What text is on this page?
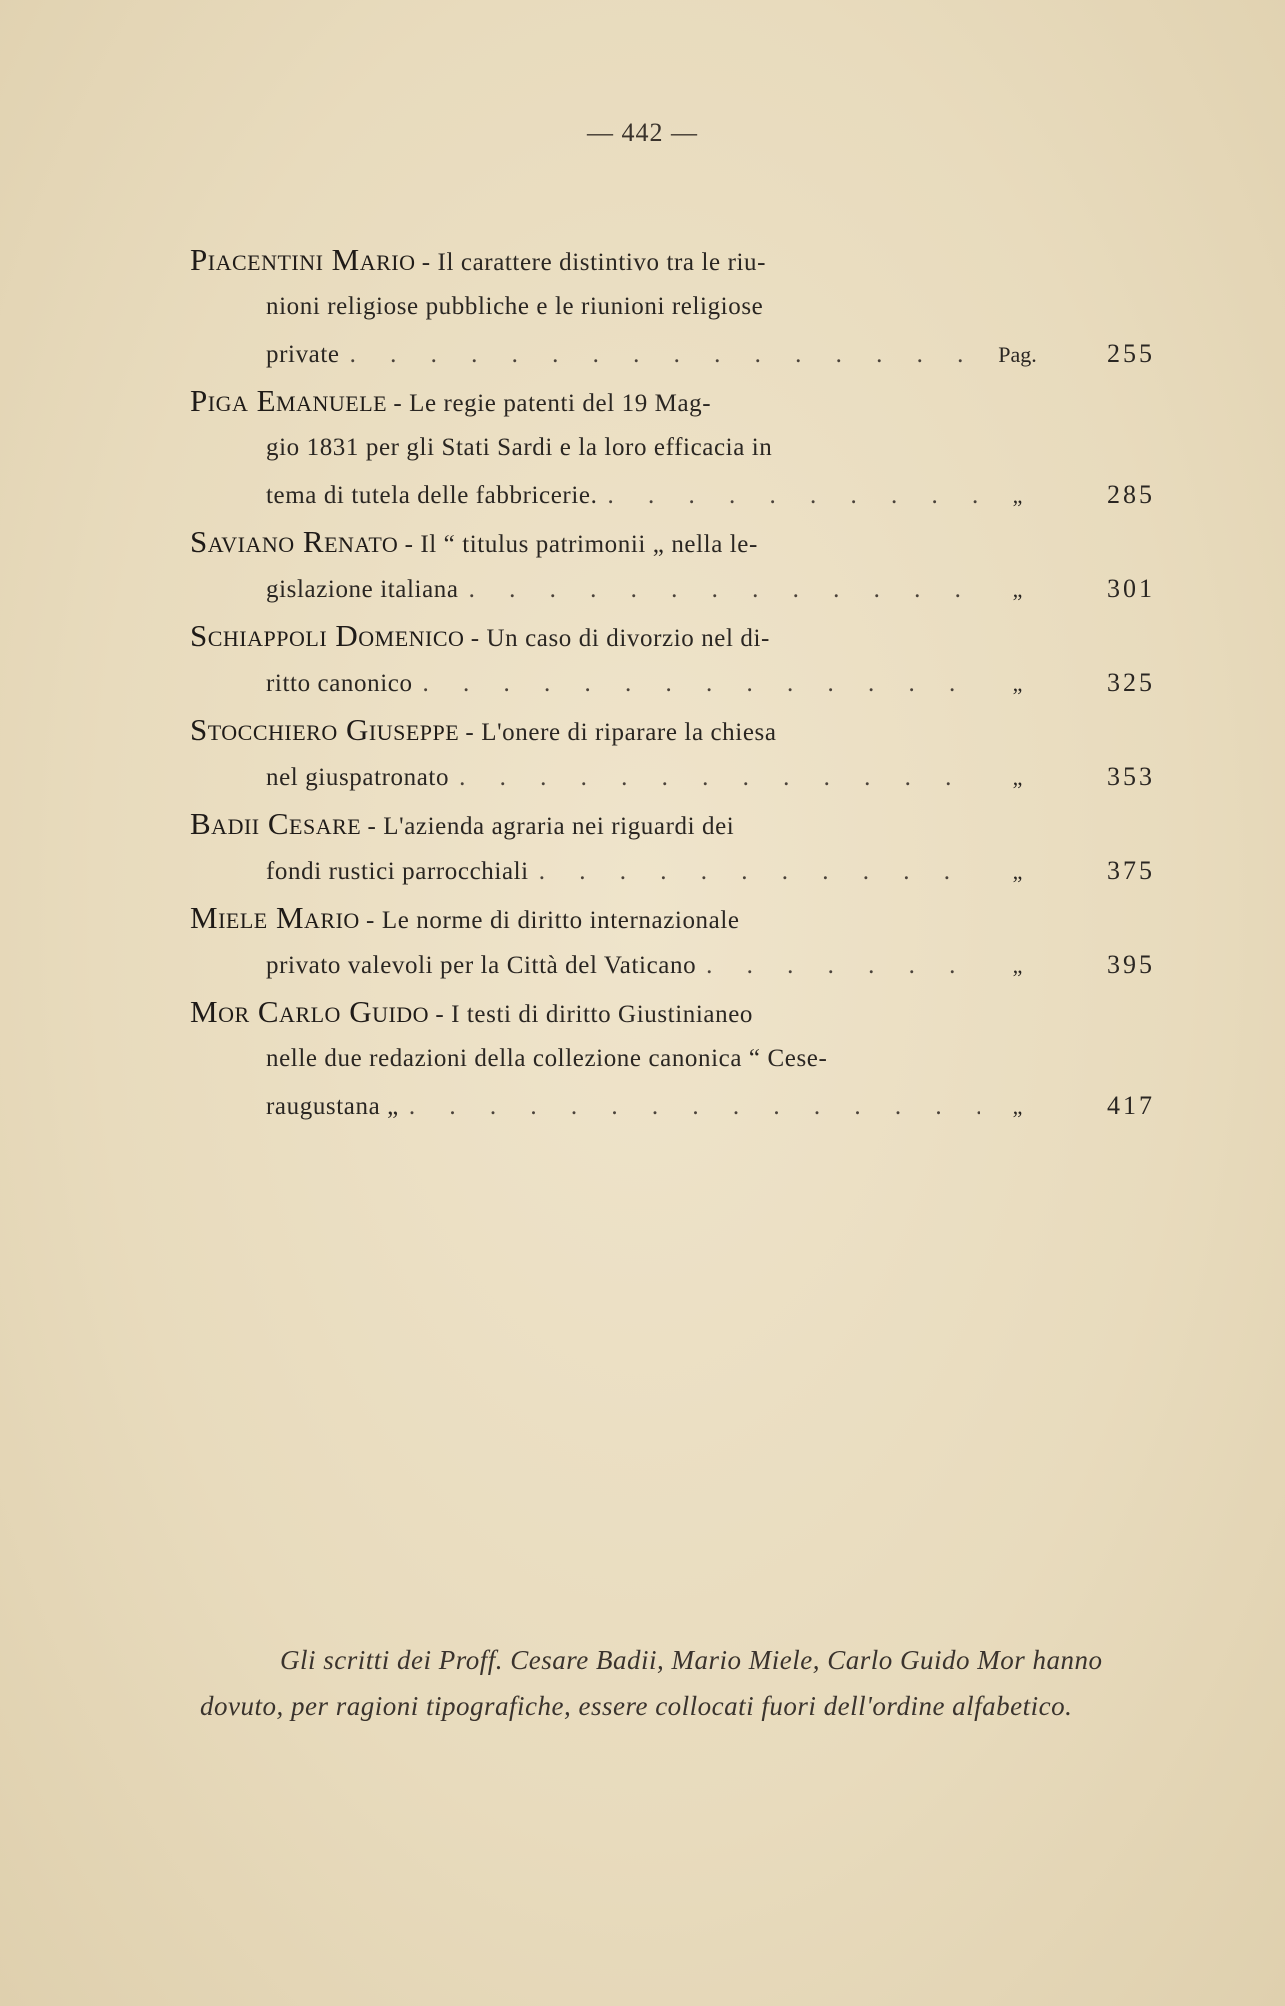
— 442 —
Piacentini Mario - Il carattere distintivo tra le riu-
nioni religiose pubbliche e le riunioni religiose
private . . .	Pag.	255
Piga Emanuele - Le regie patenti del 19 Mag-
gio 1831 per gli Stati Sardi e la loro efficacia in
tema di tutela delle fabbricerie. . . .	„	285
Saviano Renato - Il “ titulus patrimonii „ nella le-
gislazione italiana . . .	„	301
Schiappoli Domenico - Un caso di divorzio nel di-
ritto canonico . . .	„	325
Stocchiero Giuseppe - L'onere di riparare la chiesa
nel giuspatronato . . .	„	353
Badii Cesare - L'azienda agraria nei riguardi dei
fondi rustici parrocchiali . . .	„	375
Miele Mario - Le norme di diritto internazionale
privato valevoli per la Città del Vaticano . . .	„	395
Mor Carlo Guido - I testi di diritto Giustinianeo
nelle due redazioni della collezione canonica “ Cese-
raugustana „ . . .	„	417

Gli scritti dei Proff. Cesare Badii, Mario Miele, Carlo Guido Mor hanno dovuto, per ragioni tipografiche, essere collocati fuori dell'ordine alfabetico.
